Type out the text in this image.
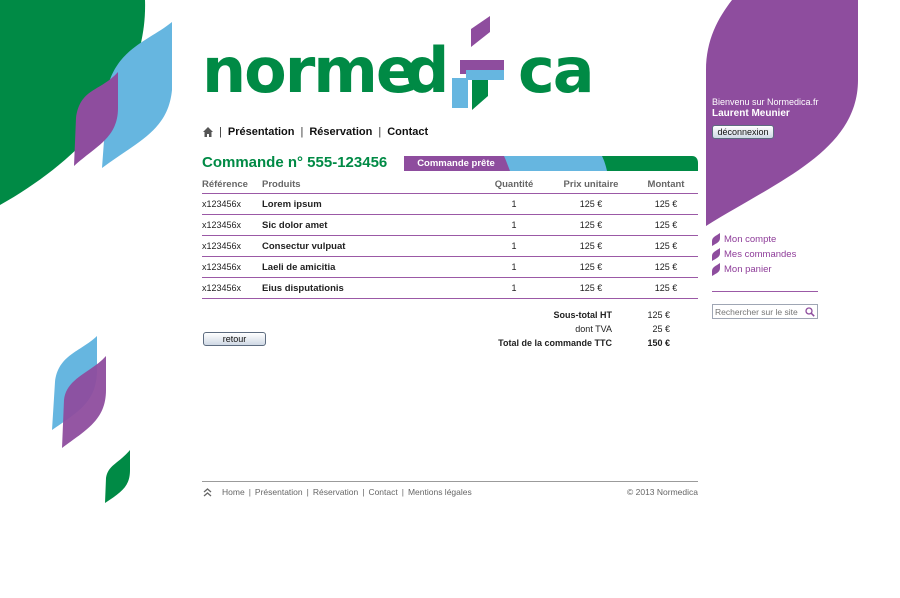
norme
d ca
| Présentation | Réservation | Contact
Commande n° 555-123456	Commande prête
Référence	Produits	Quantité	Prix unitaire	Montant
x123456x	Lorem ipsum	1	125 €	125 €
x123456x	Sic dolor amet	1	125 €	125 €
x123456x	Consectur vulpuat	1	125 €	125 €
x123456x	Laeli de amicitia	1	125 €	125 €
x123456x	Eius disputationis	1	125 €	125 €
Sous-total HT	125 €
dont TVA	25 €
Total de la commande TTC	150 €
retour
Bienvenu sur Normedica.fr
Laurent Meunier
déconnexion
Mon compte
Mes commandes
Mon panier
Rechercher sur le site
Home | Présentation | Réservation | Contact | Mentions légales	© 2013 Normedica
